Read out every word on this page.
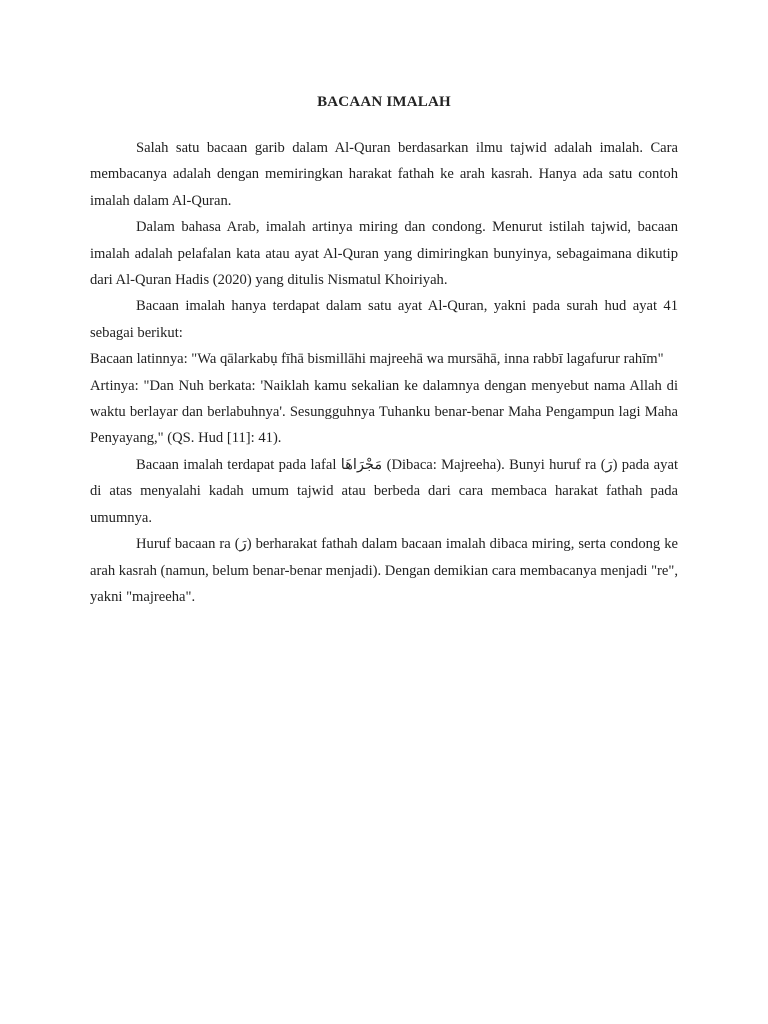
BACAAN IMALAH

Salah satu bacaan garib dalam Al-Quran berdasarkan ilmu tajwid adalah imalah. Cara membacanya adalah dengan memiringkan harakat fathah ke arah kasrah. Hanya ada satu contoh imalah dalam Al-Quran.

Dalam bahasa Arab, imalah artinya miring dan condong. Menurut istilah tajwid, bacaan imalah adalah pelafalan kata atau ayat Al-Quran yang dimiringkan bunyinya, sebagaimana dikutip dari Al-Quran Hadis (2020) yang ditulis Nismatul Khoiriyah.

Bacaan imalah hanya terdapat dalam satu ayat Al-Quran, yakni pada surah hud ayat 41 sebagai berikut:

Bacaan latinnya: "Wa qālarkabụ fīhā bismillāhi majreehā wa mursāhā, inna rabbī lagafurur rahīm"

Artinya: "Dan Nuh berkata: 'Naiklah kamu sekalian ke dalamnya dengan menyebut nama Allah di waktu berlayar dan berlabuhnya'. Sesungguhnya Tuhanku benar-benar Maha Pengampun lagi Maha Penyayang," (QS. Hud [11]: 41).

Bacaan imalah terdapat pada lafal مَجْرَاهَا (Dibaca: Majreeha). Bunyi huruf ra (رَ) pada ayat di atas menyalahi kadah umum tajwid atau berbeda dari cara membaca harakat fathah pada umumnya.

Huruf bacaan ra (رَ) berharakat fathah dalam bacaan imalah dibaca miring, serta condong ke arah kasrah (namun, belum benar-benar menjadi). Dengan demikian cara membacanya menjadi "re", yakni "majreeha".
